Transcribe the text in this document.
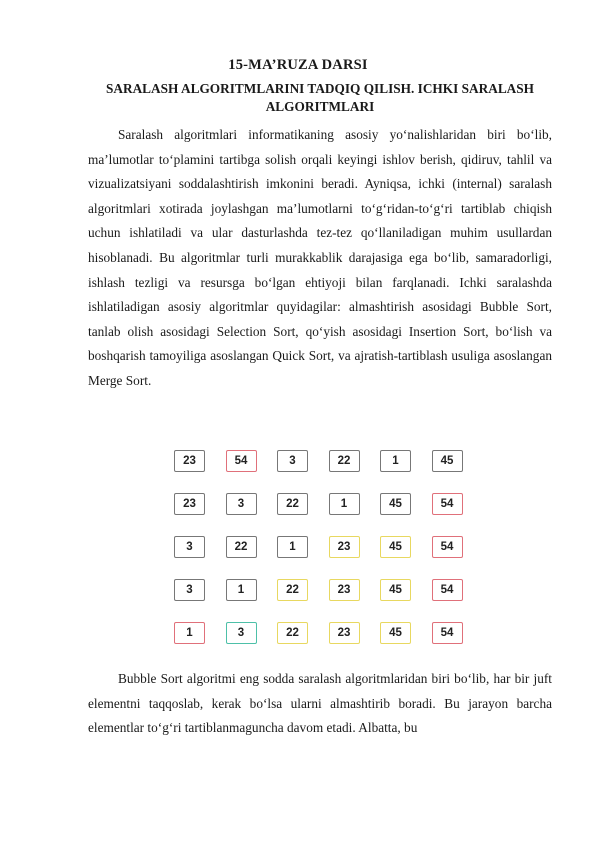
15-MA’RUZA DARSI
SARALASH ALGORITMLARINI TADQIQ QILISH. ICHKI SARALASH ALGORITMLARI

Saralash algoritmlari informatikaning asosiy yoʻnalishlaridan biri boʻlib, ma’lumotlar toʻplamini tartibga solish orqali keyingi ishlov berish, qidiruv, tahlil va vizualizatsiyani soddalashtirish imkonini beradi. Ayniqsa, ichki (internal) saralash algoritmlari xotirada joylashgan ma’lumotlarni toʻgʻridan-toʻgʻri tartiblab chiqish uchun ishlatiladi va ular dasturlashda tez-tez qoʻllaniladigan muhim usullardan hisoblanadi. Bu algoritmlar turli murakkablik darajasiga ega boʻlib, samaradorligi, ishlash tezligi va resursga boʻlgan ehtiyoji bilan farqlanadi. Ichki saralashda ishlatiladigan asosiy algoritmlar quyidagilar: almashtirish asosidagi Bubble Sort, tanlab olish asosidagi Selection Sort, qoʻyish asosidagi Insertion Sort, boʻlish va boshqarish tamoyiliga asoslangan Quick Sort, va ajratish-tartiblash usuliga asoslangan Merge Sort.

23	54	3	22	1	45
23	3	22	1	45	54
3	22	1	23	45	54
3	1	22	23	45	54
1	3	22	23	45	54

Bubble Sort algoritmi eng sodda saralash algoritmlaridan biri boʻlib, har bir juft elementni taqqoslab, kerak boʻlsa ularni almashtirib boradi. Bu jarayon barcha elementlar toʻgʻri tartiblanmaguncha davom etadi. Albatta, bu
